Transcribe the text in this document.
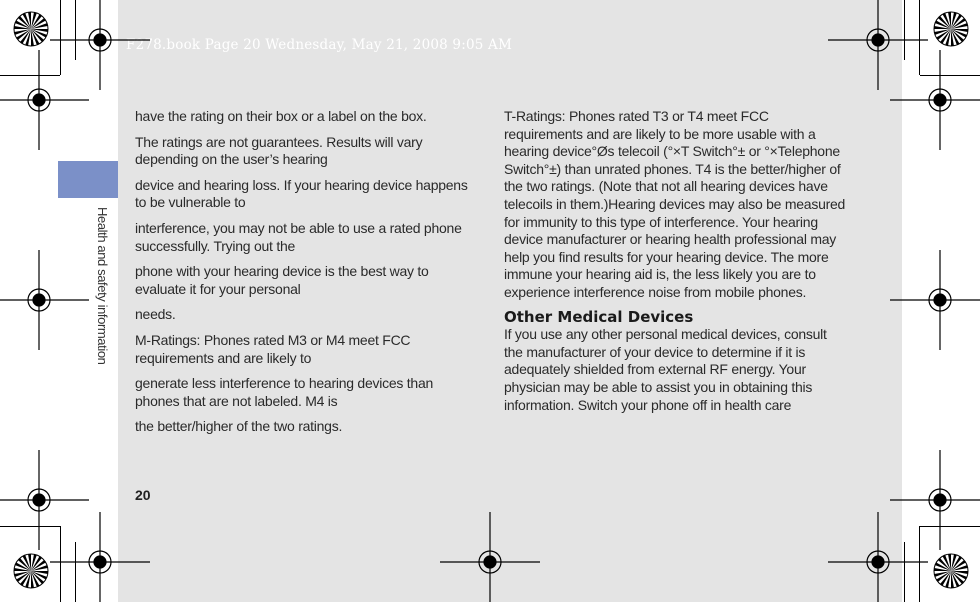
Health and safety information
F278.book Page 20 Wednesday, May 21, 2008 9:05 AM

have the rating on their box or a label on the box.

The ratings are not guarantees. Results will vary depending on the user’s hearing

device and hearing loss. If your hearing device happens to be vulnerable to

interference, you may not be able to use a rated phone successfully. Trying out the

phone with your hearing device is the best way to evaluate it for your personal

needs.

M-Ratings: Phones rated M3 or M4 meet FCC requirements and are likely to

generate less interference to hearing devices than phones that are not labeled. M4 is

the better/higher of the two ratings.

T-Ratings: Phones rated T3 or T4 meet FCC requirements and are likely to be more usable with a hearing device°Øs telecoil (°×T Switch°± or °×Telephone Switch°±) than unrated phones. T4 is the better/higher of the two ratings. (Note that not all hearing devices have telecoils in them.)Hearing devices may also be measured for immunity to this type of interference. Your hearing device manufacturer or hearing health professional may help you find results for your hearing device. The more immune your hearing aid is, the less likely you are to experience interference noise from mobile phones.

Other Medical Devices

If you use any other personal medical devices, consult the manufacturer of your device to determine if it is adequately shielded from external RF energy. Your physician may be able to assist you in obtaining this information. Switch your phone off in health care

20
